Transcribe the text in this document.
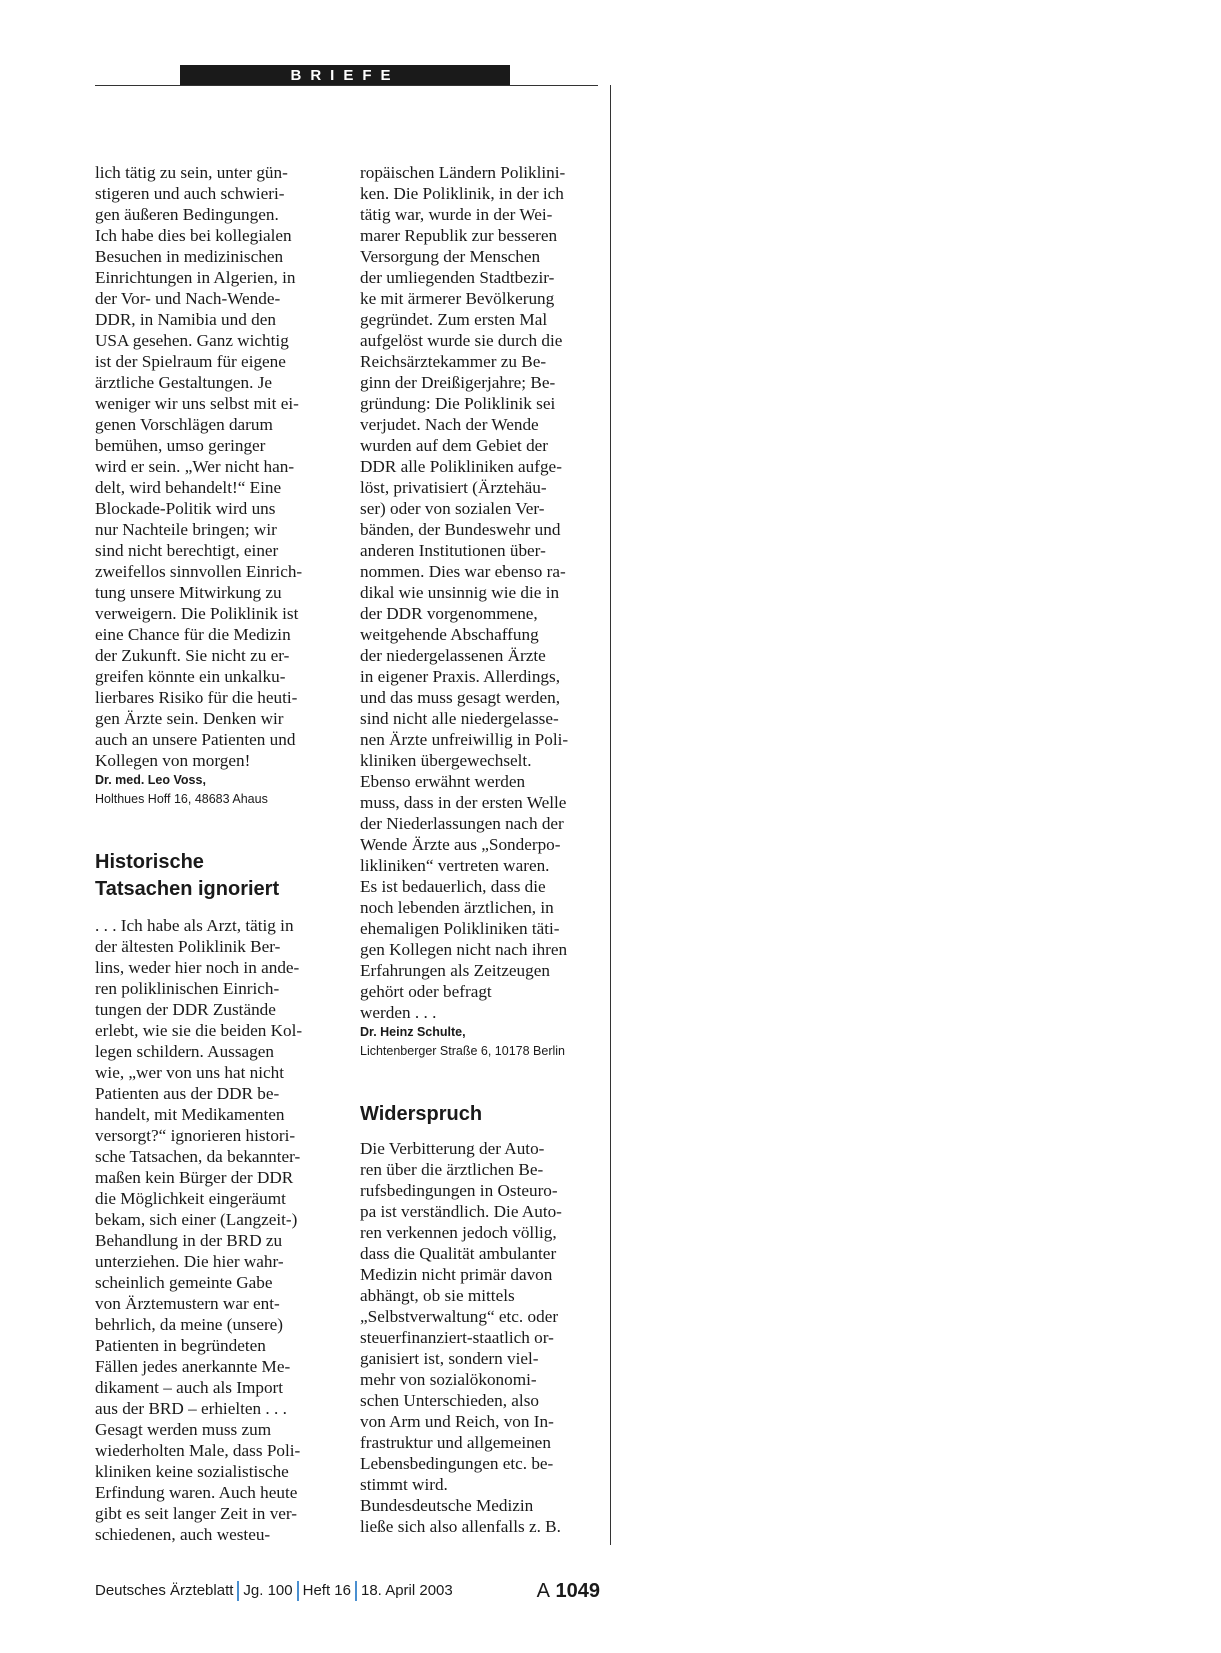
BRIEFE

lich tätig zu sein, unter gün-
stigeren und auch schwieri-
gen äußeren Bedingungen.
Ich habe dies bei kollegialen
Besuchen in medizinischen
Einrichtungen in Algerien, in
der Vor- und Nach-Wende-
DDR, in Namibia und den
USA gesehen. Ganz wichtig
ist der Spielraum für eigene
ärztliche Gestaltungen. Je
weniger wir uns selbst mit ei-
genen Vorschlägen darum
bemühen, umso geringer
wird er sein. „Wer nicht han-
delt, wird behandelt!“ Eine
Blockade-Politik wird uns
nur Nachteile bringen; wir
sind nicht berechtigt, einer
zweifellos sinnvollen Einrich-
tung unsere Mitwirkung zu
verweigern. Die Poliklinik ist
eine Chance für die Medizin
der Zukunft. Sie nicht zu er-
greifen könnte ein unkalku-
lierbares Risiko für die heuti-
gen Ärzte sein. Denken wir
auch an unsere Patienten und
Kollegen von morgen!

Dr. med. Leo Voss,
Holthues Hoff 16, 48683 Ahaus
Historische
Tatsachen ignoriert

. . . Ich habe als Arzt, tätig in
der ältesten Poliklinik Ber-
lins, weder hier noch in ande-
ren poliklinischen Einrich-
tungen der DDR Zustände
erlebt, wie sie die beiden Kol-
legen schildern. Aussagen
wie, „wer von uns hat nicht
Patienten aus der DDR be-
handelt, mit Medikamenten
versorgt?“ ignorieren histori-
sche Tatsachen, da bekannter-
maßen kein Bürger der DDR
die Möglichkeit eingeräumt
bekam, sich einer (Langzeit-)
Behandlung in der BRD zu
unterziehen. Die hier wahr-
scheinlich gemeinte Gabe
von Ärztemustern war ent-
behrlich, da meine (unsere)
Patienten in begründeten
Fällen jedes anerkannte Me-
dikament – auch als Import
aus der BRD – erhielten . . .
Gesagt werden muss zum
wiederholten Male, dass Poli-
kliniken keine sozialistische
Erfindung waren. Auch heute
gibt es seit langer Zeit in ver-
schiedenen, auch westeu-

ropäischen Ländern Poliklini-
ken. Die Poliklinik, in der ich
tätig war, wurde in der Wei-
marer Republik zur besseren
Versorgung der Menschen
der umliegenden Stadtbezir-
ke mit ärmerer Bevölkerung
gegründet. Zum ersten Mal
aufgelöst wurde sie durch die
Reichsärztekammer zu Be-
ginn der Dreißigerjahre; Be-
gründung: Die Poliklinik sei
verjudet. Nach der Wende
wurden auf dem Gebiet der
DDR alle Polikliniken aufge-
löst, privatisiert (Ärztehäu-
ser) oder von sozialen Ver-
bänden, der Bundeswehr und
anderen Institutionen über-
nommen. Dies war ebenso ra-
dikal wie unsinnig wie die in
der DDR vorgenommene,
weitgehende Abschaffung
der niedergelassenen Ärzte
in eigener Praxis. Allerdings,
und das muss gesagt werden,
sind nicht alle niedergelasse-
nen Ärzte unfreiwillig in Poli-
kliniken übergewechselt.
Ebenso erwähnt werden
muss, dass in der ersten Welle
der Niederlassungen nach der
Wende Ärzte aus „Sonderpo-
likliniken“ vertreten waren.
Es ist bedauerlich, dass die
noch lebenden ärztlichen, in
ehemaligen Polikliniken täti-
gen Kollegen nicht nach ihren
Erfahrungen als Zeitzeugen
gehört oder befragt
werden . . .

Dr. Heinz Schulte,
Lichtenberger Straße 6, 10178 Berlin
Widerspruch

Die Verbitterung der Auto-
ren über die ärztlichen Be-
rufsbedingungen in Osteuro-
pa ist verständlich. Die Auto-
ren verkennen jedoch völlig,
dass die Qualität ambulanter
Medizin nicht primär davon
abhängt, ob sie mittels
„Selbstverwaltung“ etc. oder
steuerfinanziert-staatlich or-
ganisiert ist, sondern viel-
mehr von sozialökonomi-
schen Unterschieden, also
von Arm und Reich, von In-
frastruktur und allgemeinen
Lebensbedingungen etc. be-
stimmt wird.
Bundesdeutsche Medizin
ließe sich also allenfalls z. B.

Deutsches Ärzteblatt Jg. 100 Heft 16 18. April 2003	A 1049
